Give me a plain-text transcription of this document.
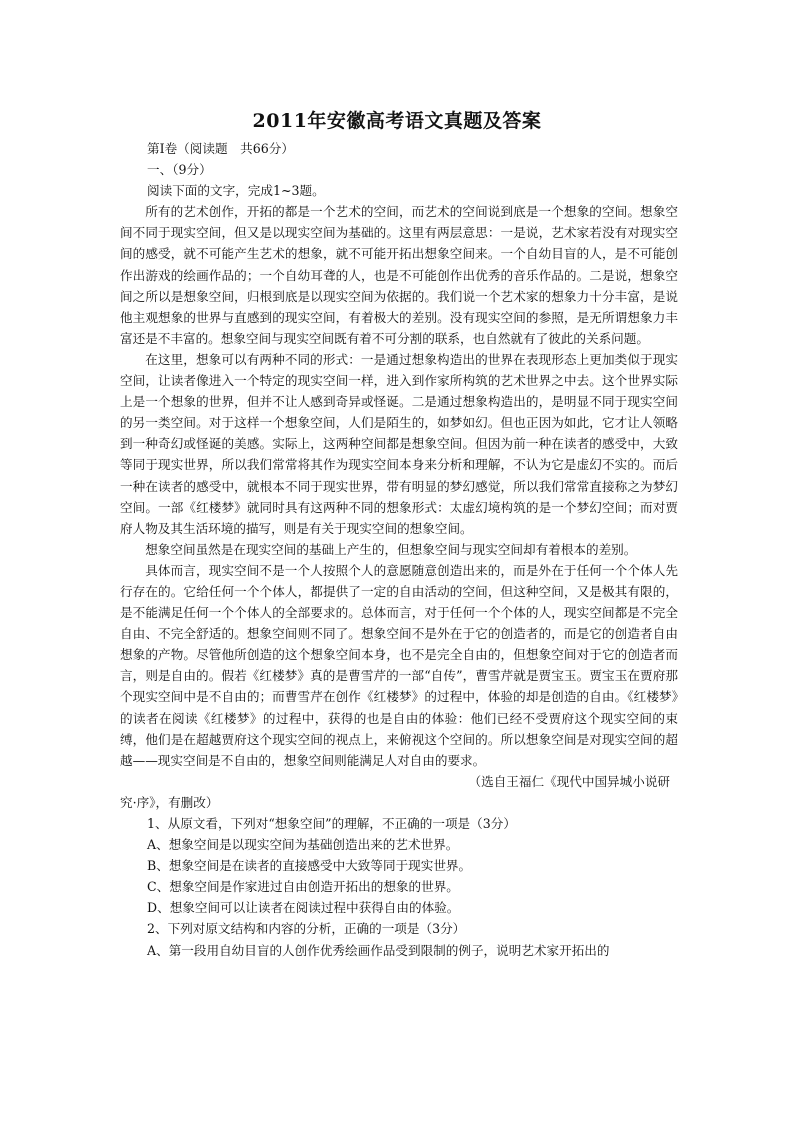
2011年安徽高考语文真题及答案

第Ⅰ卷（阅读题　共66分）

一、（9分）

阅读下面的文字，完成1~3题。

所有的艺术创作，开拓的都是一个艺术的空间，而艺术的空间说到底是一个想象的空间。想象空间不同于现实空间，但又是以现实空间为基础的。这里有两层意思：一是说，艺术家若没有对现实空间的感受，就不可能产生艺术的想象，就不可能开拓出想象空间来。一个自幼目盲的人，是不可能创作出游戏的绘画作品的；一个自幼耳聋的人，也是不可能创作出优秀的音乐作品的。二是说，想象空间之所以是想象空间，归根到底是以现实空间为依据的。我们说一个艺术家的想象力十分丰富，是说他主观想象的世界与直感到的现实空间，有着极大的差别。没有现实空间的参照，是无所谓想象力丰富还是不丰富的。想象空间与现实空间既有着不可分割的联系，也自然就有了彼此的关系问题。

在这里，想象可以有两种不同的形式：一是通过想象构造出的世界在表现形态上更加类似于现实空间，让读者像进入一个特定的现实空间一样，进入到作家所构筑的艺术世界之中去。这个世界实际上是一个想象的世界，但并不让人感到奇异或怪诞。二是通过想象构造出的，是明显不同于现实空间的另一类空间。对于这样一个想象空间，人们是陌生的，如梦如幻。但也正因为如此，它才让人领略到一种奇幻或怪诞的美感。实际上，这两种空间都是想象空间。但因为前一种在读者的感受中，大致等同于现实世界，所以我们常常将其作为现实空间本身来分析和理解，不认为它是虚幻不实的。而后一种在读者的感受中，就根本不同于现实世界，带有明显的梦幻感觉，所以我们常常直接称之为梦幻空间。一部《红楼梦》就同时具有这两种不同的想象形式：太虚幻境构筑的是一个梦幻空间；而对贾府人物及其生活环境的描写，则是有关于现实空间的想象空间。

想象空间虽然是在现实空间的基础上产生的，但想象空间与现实空间却有着根本的差别。

具体而言，现实空间不是一个人按照个人的意愿随意创造出来的，而是外在于任何一个个体人先行存在的。它给任何一个个体人，都提供了一定的自由活动的空间，但这种空间，又是极其有限的，是不能满足任何一个个体人的全部要求的。总体而言，对于任何一个个体的人，现实空间都是不完全自由、不完全舒适的。想象空间则不同了。想象空间不是外在于它的创造者的，而是它的创造者自由想象的产物。尽管他所创造的这个想象空间本身，也不是完全自由的，但想象空间对于它的创造者而言，则是自由的。假若《红楼梦》真的是曹雪芹的一部“自传”，曹雪芹就是贾宝玉。贾宝玉在贾府那个现实空间中是不自由的；而曹雪芹在创作《红楼梦》的过程中，体验的却是创造的自由。《红楼梦》的读者在阅读《红楼梦》的过程中，获得的也是自由的体验：他们已经不受贾府这个现实空间的束缚，他们是在超越贾府这个现实空间的视点上，来俯视这个空间的。所以想象空间是对现实空间的超越——现实空间是不自由的，想象空间则能满足人对自由的要求。

（选自王福仁《现代中国异城小说研

究·序》，有删改）

1、从原文看，下列对“想象空间”的理解，不正确的一项是（3分）

A、想象空间是以现实空间为基础创造出来的艺术世界。

B、想象空间是在读者的直接感受中大致等同于现实世界。

C、想象空间是作家进过自由创造开拓出的想象的世界。

D、想象空间可以让读者在阅读过程中获得自由的体验。

2、下列对原文结构和内容的分析，正确的一项是（3分）

A、第一段用自幼目盲的人创作优秀绘画作品受到限制的例子，说明艺术家开拓出的
